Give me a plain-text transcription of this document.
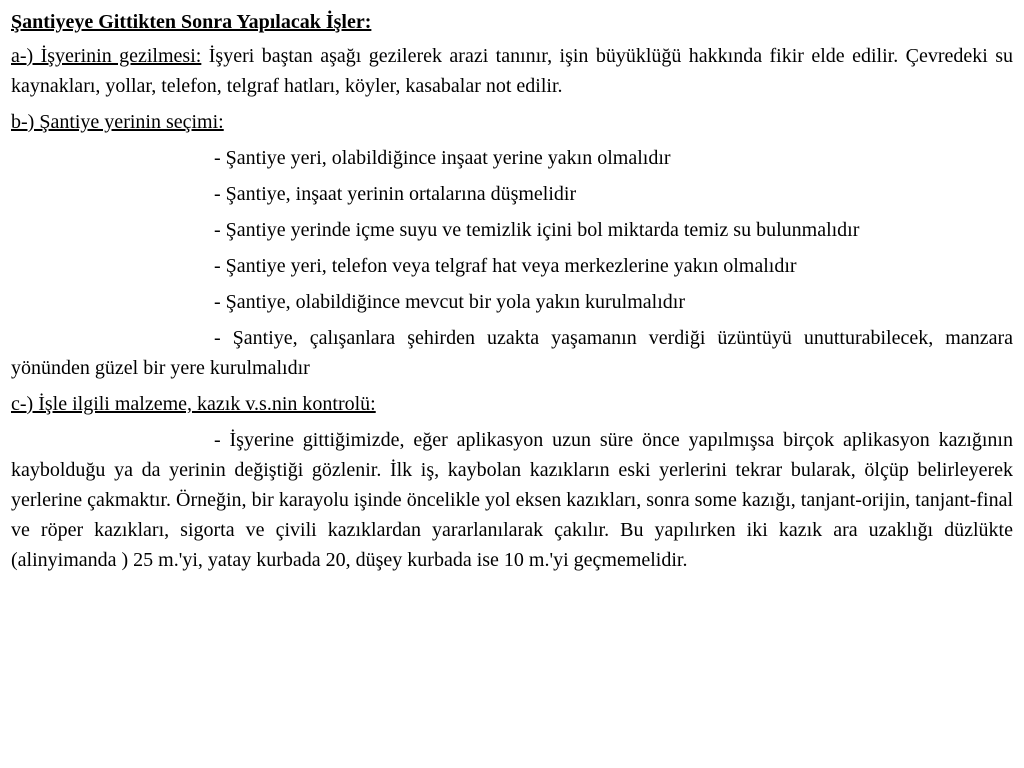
Şantiyeye Gittikten Sonra Yapılacak İşler:

a-) İşyerinin gezilmesi: İşyeri baştan aşağı gezilerek arazi tanınır, işin büyüklüğü hakkında fikir elde edilir. Çevredeki su kaynakları, yollar, telefon, telgraf hatları, köyler, kasabalar not edilir.

b-) Şantiye yerinin seçimi:

- Şantiye yeri, olabildiğince inşaat yerine yakın olmalıdır

- Şantiye, inşaat yerinin ortalarına düşmelidir

- Şantiye yerinde içme suyu ve temizlik içini bol miktarda temiz su bulunmalıdır

- Şantiye yeri, telefon veya telgraf hat veya merkezlerine yakın olmalıdır

- Şantiye, olabildiğince mevcut bir yola yakın kurulmalıdır

- Şantiye, çalışanlara şehirden uzakta yaşamanın verdiği üzüntüyü unutturabilecek, manzara yönünden güzel bir yere kurulmalıdır

c-) İşle ilgili malzeme, kazık v.s.nin kontrolü:

- İşyerine gittiğimizde, eğer aplikasyon uzun süre önce yapılmışsa birçok aplikasyon kazığının kaybolduğu ya da yerinin değiştiği gözlenir. İlk iş, kaybolan kazıkların eski yerlerini tekrar bularak, ölçüp belirleyerek yerlerine çakmaktır. Örneğin, bir karayolu işinde öncelikle yol eksen kazıkları, sonra some kazığı, tanjant-orijin, tanjant-final ve röper kazıkları, sigorta ve çivili kazıklardan yararlanılarak çakılır. Bu yapılırken iki kazık ara uzaklığı düzlükte (alinyimanda ) 25 m.'yi, yatay kurbada 20, düşey kurbada ise 10 m.'yi geçmemelidir.
